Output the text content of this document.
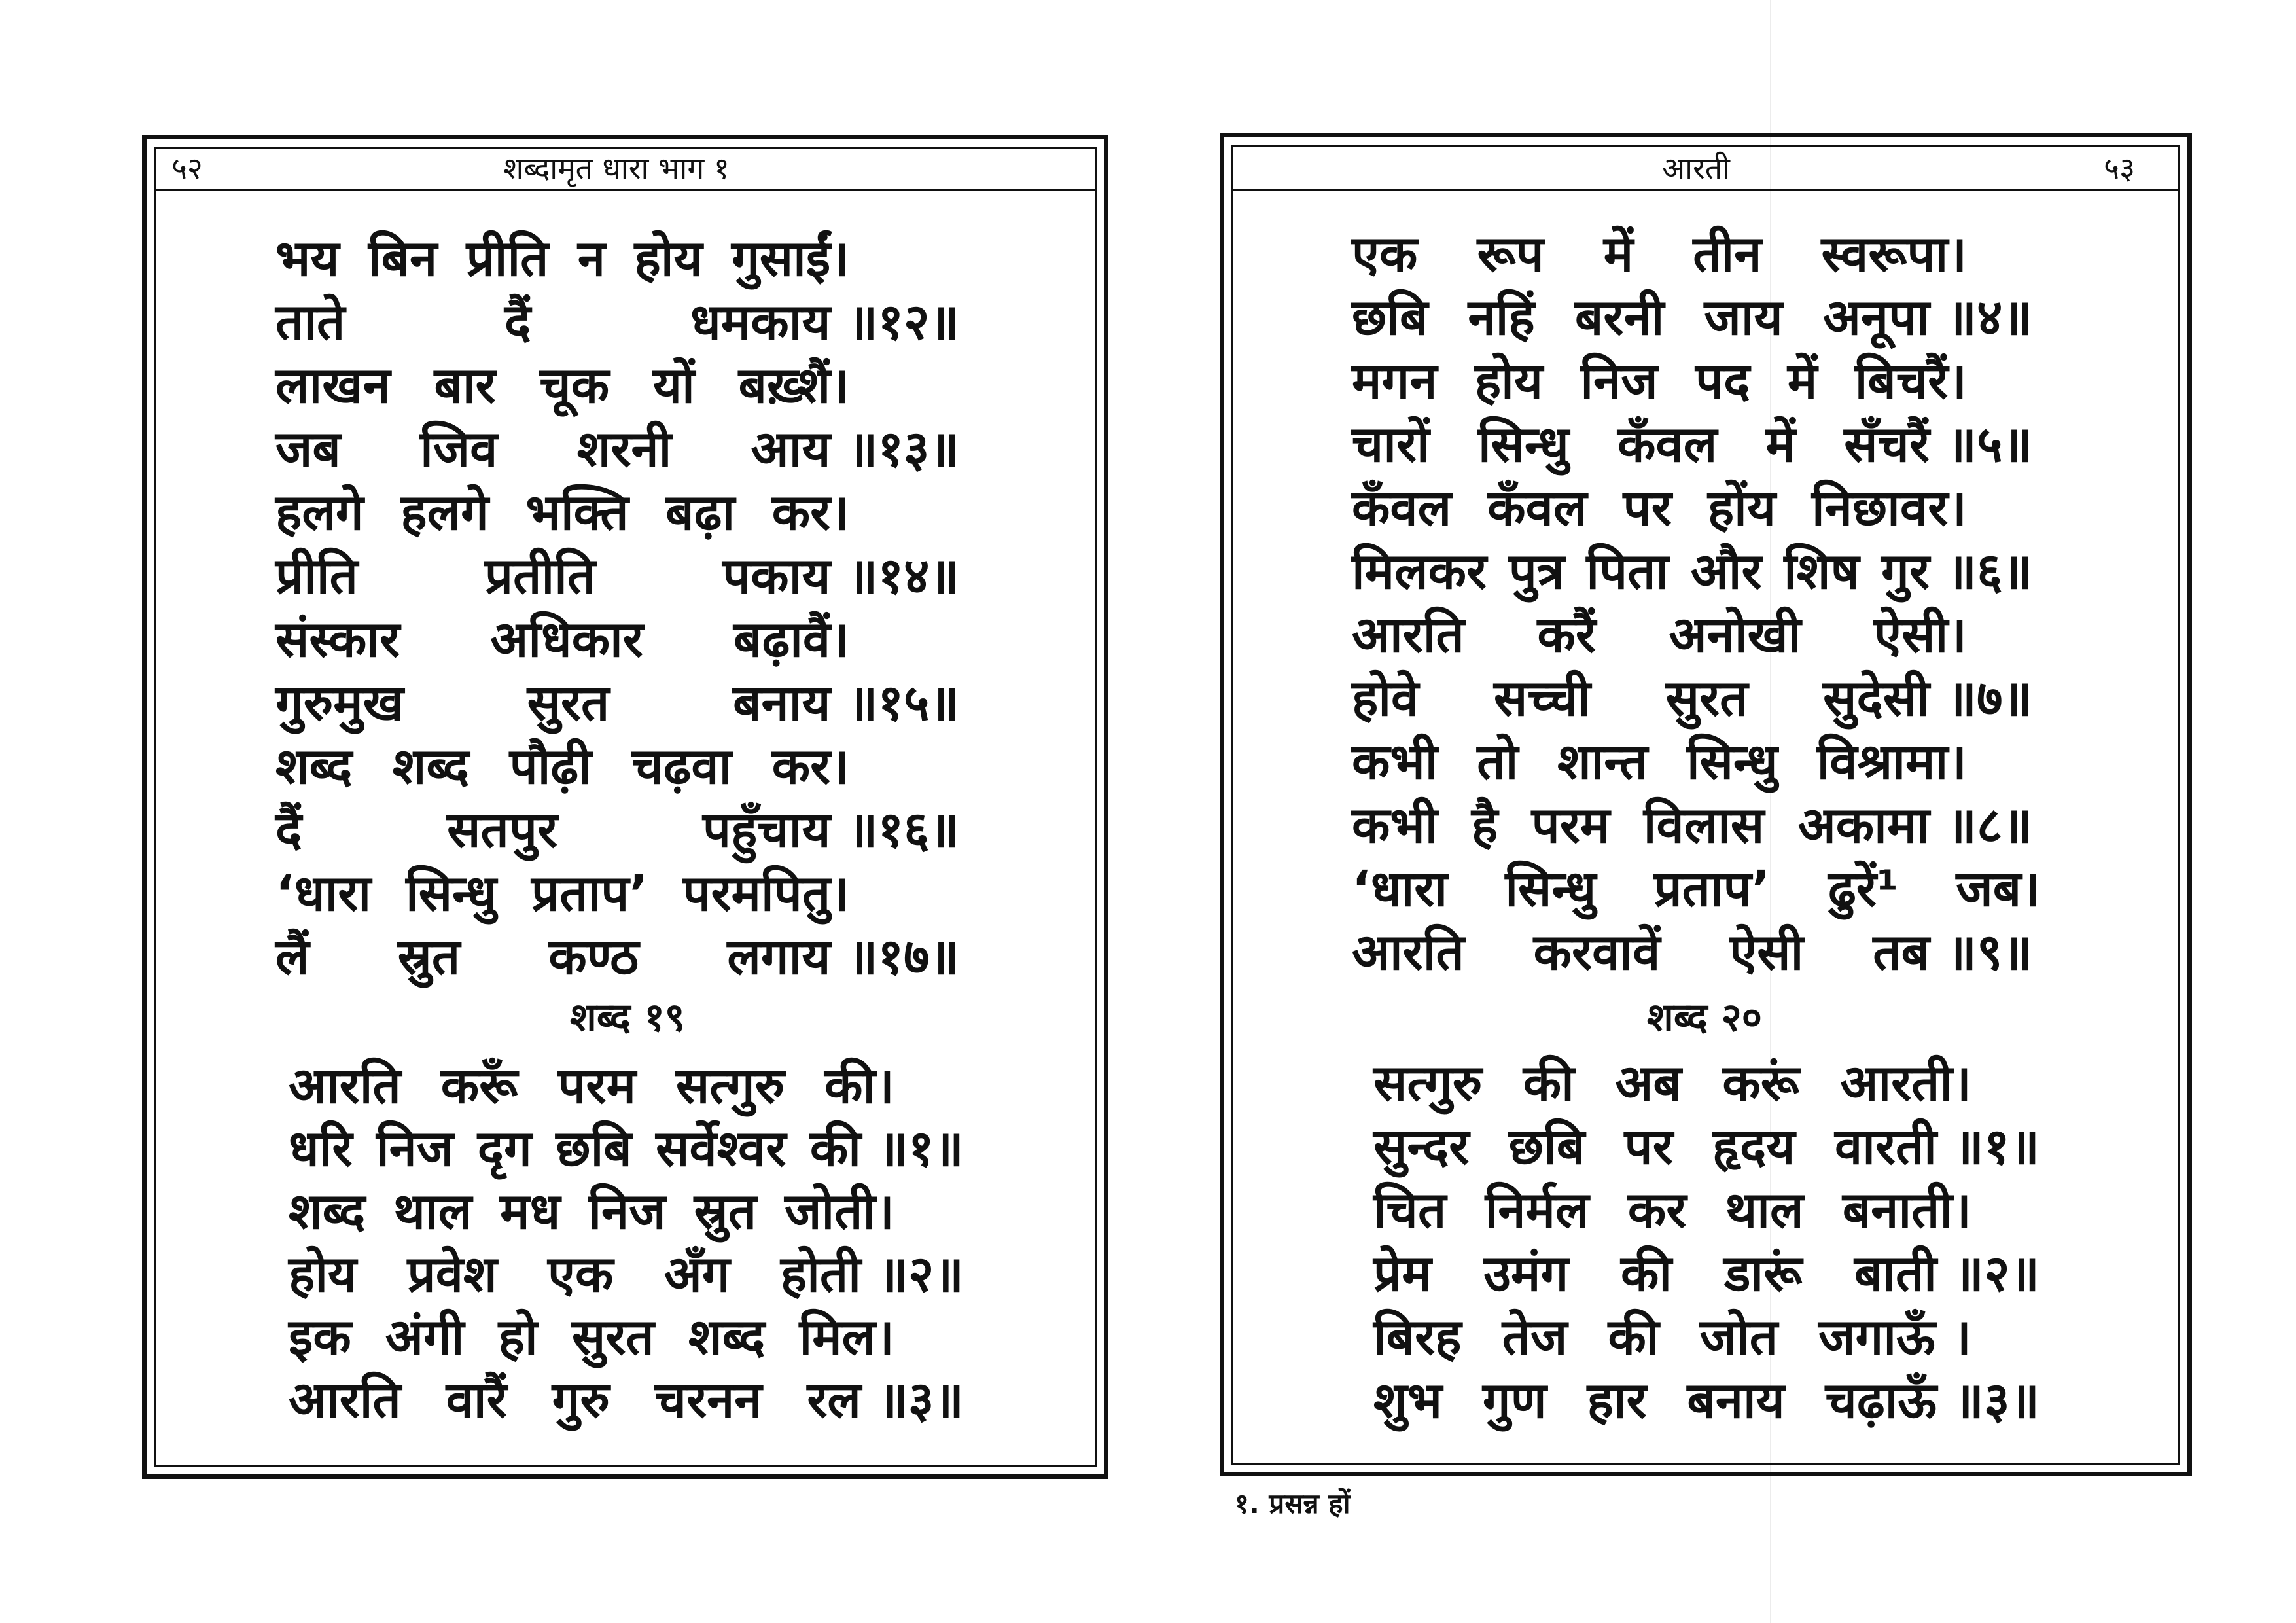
५२	शब्दामृत धारा भाग १
भय बिन प्रीति न होय गुसाईं।
ताते	दैं	धमकाय ॥१२॥
लाखन बार चूक यों बख़्शैं।
जब जिव शरनी आय ॥१३॥
हलगे हलगे भक्ति बढ़ा कर।
प्रीति	प्रतीति	पकाय ॥१४॥
संस्कार अधिकार बढ़ावैं।
गुरुमुख सुरत बनाय ॥१५॥
शब्द शब्द पौढ़ी चढ़वा कर।
दैं	सतपुर	पहुँचाय ॥१६॥
‘धारा सिन्धु प्रताप’ परमपितु।
लैं स्रुत कण्ठ लगाय ॥१७॥
शब्द १९
आरति करूँ परम सत्गुरु की।
धरि निज दृग छबि सर्वेश्वर की ॥१॥
शब्द थाल मध निज स्रुत जोती।
होय प्रवेश एक अँग होती ॥२॥
इक अंगी हो सुरत शब्द मिल।
आरति वारैं गुरु चरनन रल ॥३॥
आरती	५३
एक रूप में तीन स्वरूपा।
छबि नहिं बरनी जाय अनूपा ॥४॥
मगन होय निज पद में बिचरैं।
चारों सिन्धु कँवल में सँचरैं ॥५॥
कँवल कँवल पर होंय निछावर।
मिलकर पुत्र पिता और शिष गुर ॥६॥
आरति करैं अनोखी ऐसी।
होवे सच्ची सुरत सुदेसी ॥७॥
कभी तो शान्त सिन्धु विश्रामा।
कभी है परम विलास अकामा ॥८॥
‘धारा सिन्धु प्रताप’ ढुरें¹ जब।
आरति करवावें ऐसी तब ॥९॥
शब्द २०
सत्गुरु की अब करूं आरती।
सुन्दर छबि पर हृदय वारती ॥१॥
चित निर्मल कर थाल बनाती।
प्रेम उमंग की डारूं बाती ॥२॥
बिरह तेज की जोत जगाऊँ ।
शुभ गुण हार बनाय चढ़ाऊँ ॥३॥
१. प्रसन्न हों
